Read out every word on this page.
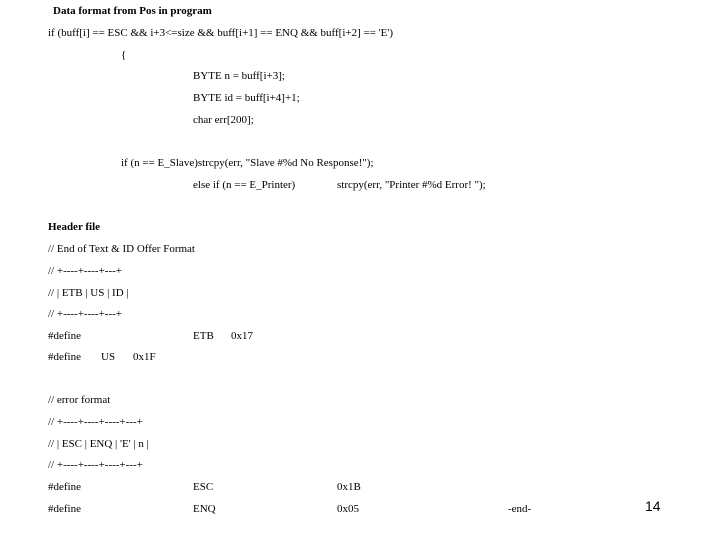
Data format from Pos in program
if (buff[i] == ESC && i+3<=size && buff[i+1] == ENQ && buff[i+2] == 'E')
{
BYTE n = buff[i+3];
BYTE id = buff[i+4]+1;
char err[200];
if (n == E_Slave)strcpy(err, "Slave #%d No Response!");
else if (n == E_Printer)	strcpy(err, "Printer #%d Error! ");
Header file
// End of Text & ID Offer Format
// +----+----+---+
// | ETB | US | ID |
// +----+----+---+
#define	ETB 0x17
#define US 0x1F
// error format
// +----+----+----+---+
// | ESC | ENQ | 'E' | n |
// +----+----+----+---+
#define	ESC	0x1B
#define	ENQ	0x05	-end-	14
